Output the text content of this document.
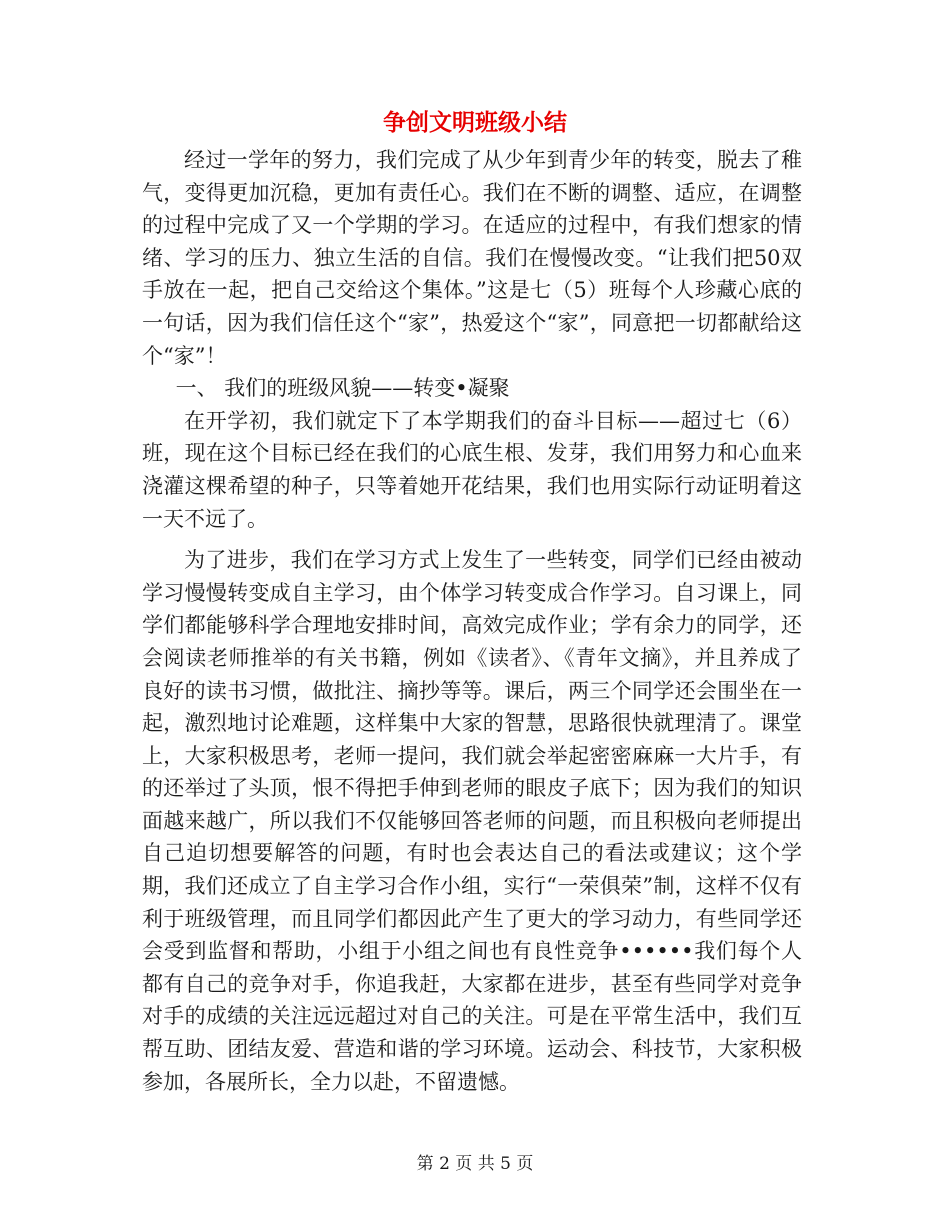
争创文明班级小结

经过一学年的努力，我们完成了从少年到青少年的转变，脱去了稚气，变得更加沉稳，更加有责任心。我们在不断的调整、适应，在调整的过程中完成了又一个学期的学习。在适应的过程中，有我们想家的情绪、学习的压力、独立生活的自信。我们在慢慢改变。“让我们把50双手放在一起，把自己交给这个集体。”这是七（5）班每个人珍藏心底的一句话，因为我们信任这个“家”，热爱这个“家”，同意把一切都献给这个“家”！

一、 我们的班级风貌——转变•凝聚

在开学初，我们就定下了本学期我们的奋斗目标——超过七（6）班，现在这个目标已经在我们的心底生根、发芽，我们用努力和心血来浇灌这棵希望的种子，只等着她开花结果，我们也用实际行动证明着这一天不远了。

为了进步，我们在学习方式上发生了一些转变，同学们已经由被动学习慢慢转变成自主学习，由个体学习转变成合作学习。自习课上，同学们都能够科学合理地安排时间，高效完成作业；学有余力的同学，还会阅读老师推举的有关书籍，例如《读者》、《青年文摘》，并且养成了良好的读书习惯，做批注、摘抄等等。课后，两三个同学还会围坐在一起，激烈地讨论难题，这样集中大家的智慧，思路很快就理清了。课堂上，大家积极思考，老师一提问，我们就会举起密密麻麻一大片手，有的还举过了头顶，恨不得把手伸到老师的眼皮子底下；因为我们的知识面越来越广，所以我们不仅能够回答老师的问题，而且积极向老师提出自己迫切想要解答的问题，有时也会表达自己的看法或建议；这个学期，我们还成立了自主学习合作小组，实行“一荣俱荣”制，这样不仅有利于班级管理，而且同学们都因此产生了更大的学习动力，有些同学还会受到监督和帮助，小组于小组之间也有良性竞争••••••我们每个人都有自己的竞争对手，你追我赶，大家都在进步，甚至有些同学对竞争对手的成绩的关注远远超过对自己的关注。可是在平常生活中，我们互帮互助、团结友爱、营造和谐的学习环境。运动会、科技节，大家积极参加，各展所长，全力以赴，不留遗憾。

第 2 页 共 5 页
